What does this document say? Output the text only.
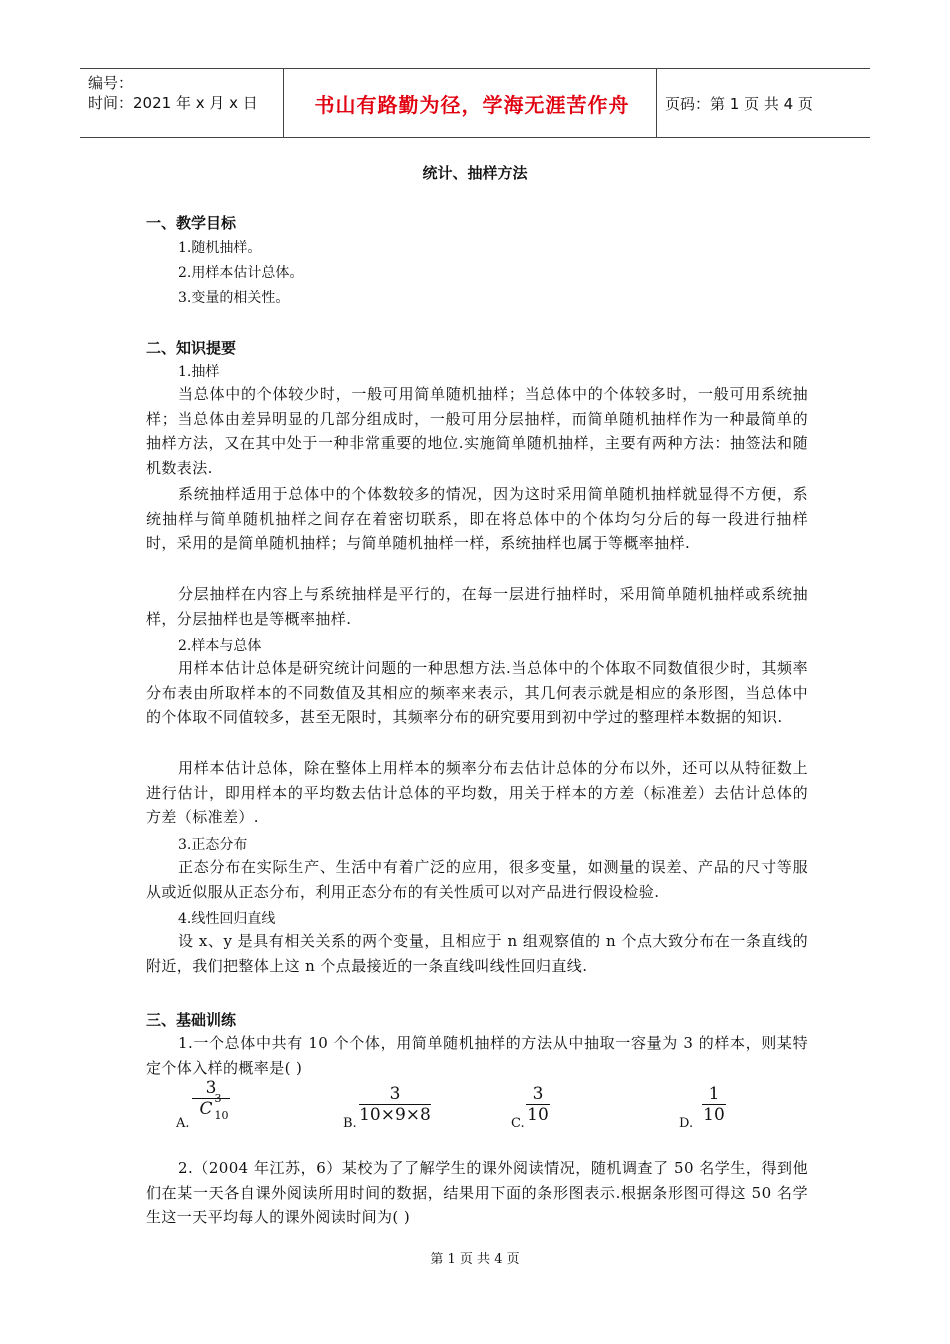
编号：
时间：2021 年 x 月 x 日	书山有路勤为径，学海无涯苦作舟	页码：第 1 页 共 4 页
统计、抽样方法
一、教学目标
1.随机抽样。
2.用样本估计总体。
3.变量的相关性。
二、知识提要
1.抽样
当总体中的个体较少时，一般可用简单随机抽样；当总体中的个体较多时，一般可用系统抽样；当总体由差异明显的几部分组成时，一般可用分层抽样，而简单随机抽样作为一种最简单的抽样方法，又在其中处于一种非常重要的地位.实施简单随机抽样，主要有两种方法：抽签法和随机数表法.
系统抽样适用于总体中的个体数较多的情况，因为这时采用简单随机抽样就显得不方便，系统抽样与简单随机抽样之间存在着密切联系，即在将总体中的个体均匀分后的每一段进行抽样时，采用的是简单随机抽样；与简单随机抽样一样，系统抽样也属于等概率抽样.
分层抽样在内容上与系统抽样是平行的，在每一层进行抽样时，采用简单随机抽样或系统抽样，分层抽样也是等概率抽样.
2.样本与总体
用样本估计总体是研究统计问题的一种思想方法.当总体中的个体取不同数值很少时，其频率分布表由所取样本的不同数值及其相应的频率来表示，其几何表示就是相应的条形图，当总体中的个体取不同值较多，甚至无限时，其频率分布的研究要用到初中学过的整理样本数据的知识.
用样本估计总体，除在整体上用样本的频率分布去估计总体的分布以外，还可以从特征数上进行估计，即用样本的平均数去估计总体的平均数，用关于样本的方差（标准差）去估计总体的方差（标准差）.
3.正态分布
正态分布在实际生产、生活中有着广泛的应用，很多变量，如测量的误差、产品的尺寸等服从或近似服从正态分布，利用正态分布的有关性质可以对产品进行假设检验.
4.线性回归直线
设 x、y 是具有相关关系的两个变量，且相应于 n 组观察值的 n 个点大致分布在一条直线的附近，我们把整体上这 n 个点最接近的一条直线叫线性回归直线.
三、基础训练
1.一个总体中共有 10 个个体，用简单随机抽样的方法从中抽取一容量为 3 的样本，则某特定个体入样的概率是( )
A.
3
C
3
10
B. $\frac{3}{10\times 9\times 8}$	C. $\frac{3}{10}$	D. $\frac{1}{10}$
2.（2004 年江苏，6）某校为了了解学生的课外阅读情况，随机调查了 50 名学生，得到他们在某一天各自课外阅读所用时间的数据，结果用下面的条形图表示.根据条形图可得这 50 名学生这一天平均每人的课外阅读时间为( )
第 1 页 共 4 页
